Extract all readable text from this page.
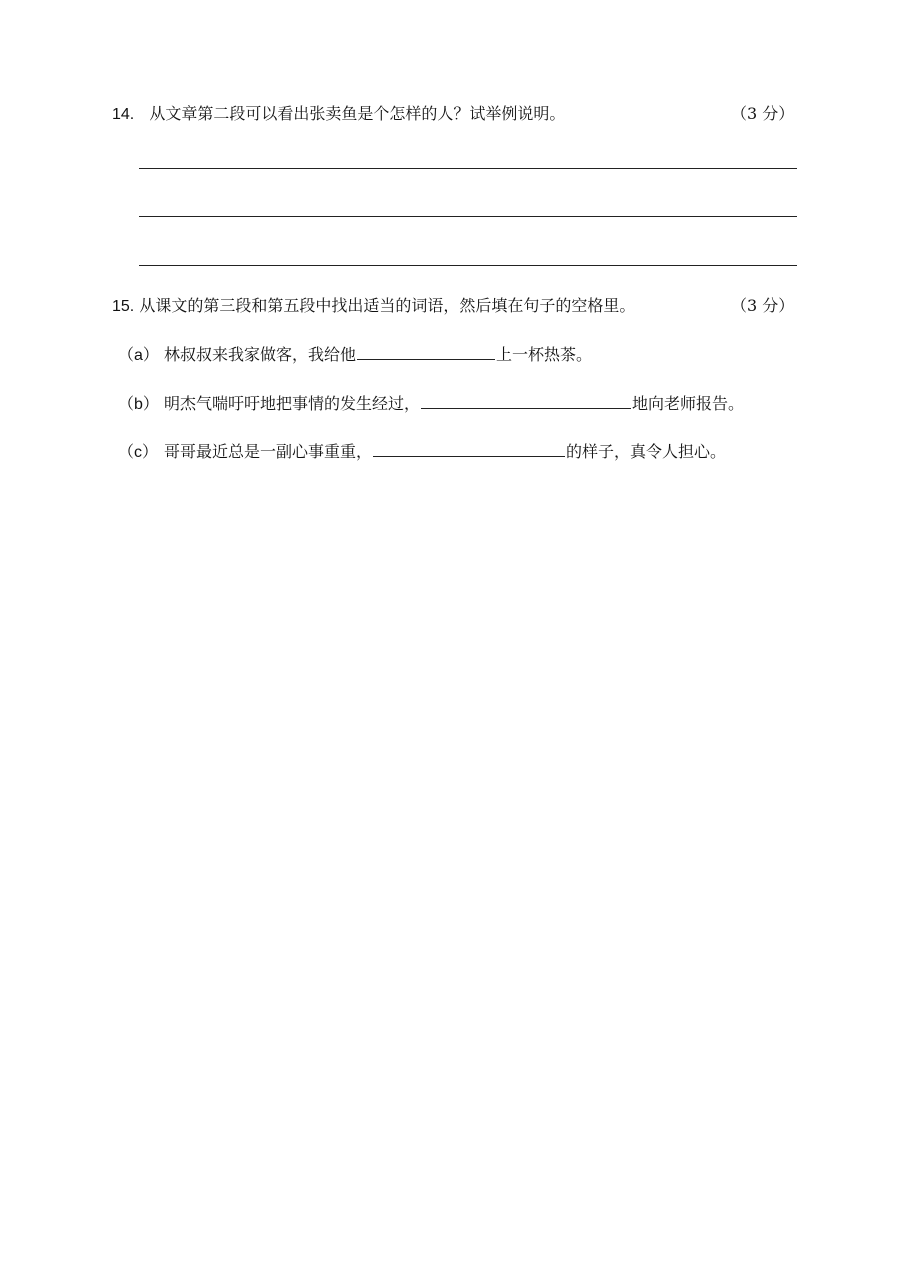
14. 从文章第二段可以看出张卖鱼是个怎样的人？试举例说明。	（3 分）
15. 从课文的第三段和第五段中找出适当的词语，然后填在句子的空格里。	（3 分）
（a） 林叔叔来我家做客，我给他	上一杯热茶。
（b） 明杰气喘吁吁地把事情的发生经过，	地向老师报告。
（c） 哥哥最近总是一副心事重重，	的样子，真令人担心。
